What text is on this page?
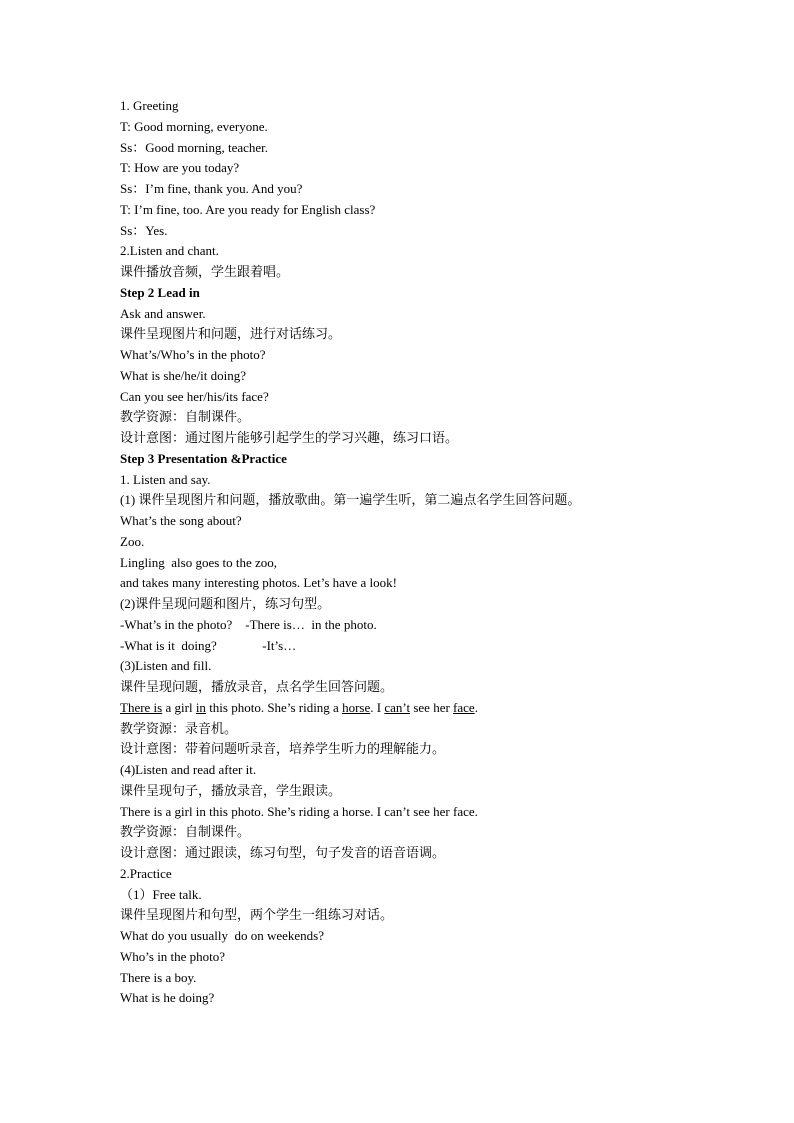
1. Greeting
T: Good morning, everyone.
Ss：Good morning, teacher.
T: How are you today?
Ss：I’m fine, thank you. And you?
T: I’m fine, too. Are you ready for English class?
Ss：Yes.
2.Listen and chant.
课件播放音频，学生跟着唱。
Step 2 Lead in
Ask and answer.
课件呈现图片和问题，进行对话练习。
What’s/Who’s in the photo?
What is she/he/it doing?
Can you see her/his/its face?
教学资源：自制课件。
设计意图：通过图片能够引起学生的学习兴趣，练习口语。
Step 3 Presentation &Practice
1. Listen and say.
(1) 课件呈现图片和问题，播放歌曲。第一遍学生听，第二遍点名学生回答问题。
What’s the song about?
Zoo.
Lingling  also goes to the zoo,
and takes many interesting photos. Let’s have a look!
(2)课件呈现问题和图片，练习句型。
-What’s in the photo?    -There is…  in the photo.
-What is it  doing?              -It’s…
(3)Listen and fill.
课件呈现问题，播放录音，点名学生回答问题。
There is a girl in this photo. She’s riding a horse. I can’t see her face.
教学资源：录音机。
设计意图：带着问题听录音，培养学生听力的理解能力。
(4)Listen and read after it.
课件呈现句子，播放录音，学生跟读。
There is a girl in this photo. She’s riding a horse. I can’t see her face.
教学资源：自制课件。
设计意图：通过跟读，练习句型，句子发音的语音语调。
2.Practice
（1）Free talk.
课件呈现图片和句型，两个学生一组练习对话。
What do you usually  do on weekends?
Who’s in the photo?
There is a boy.
What is he doing?
